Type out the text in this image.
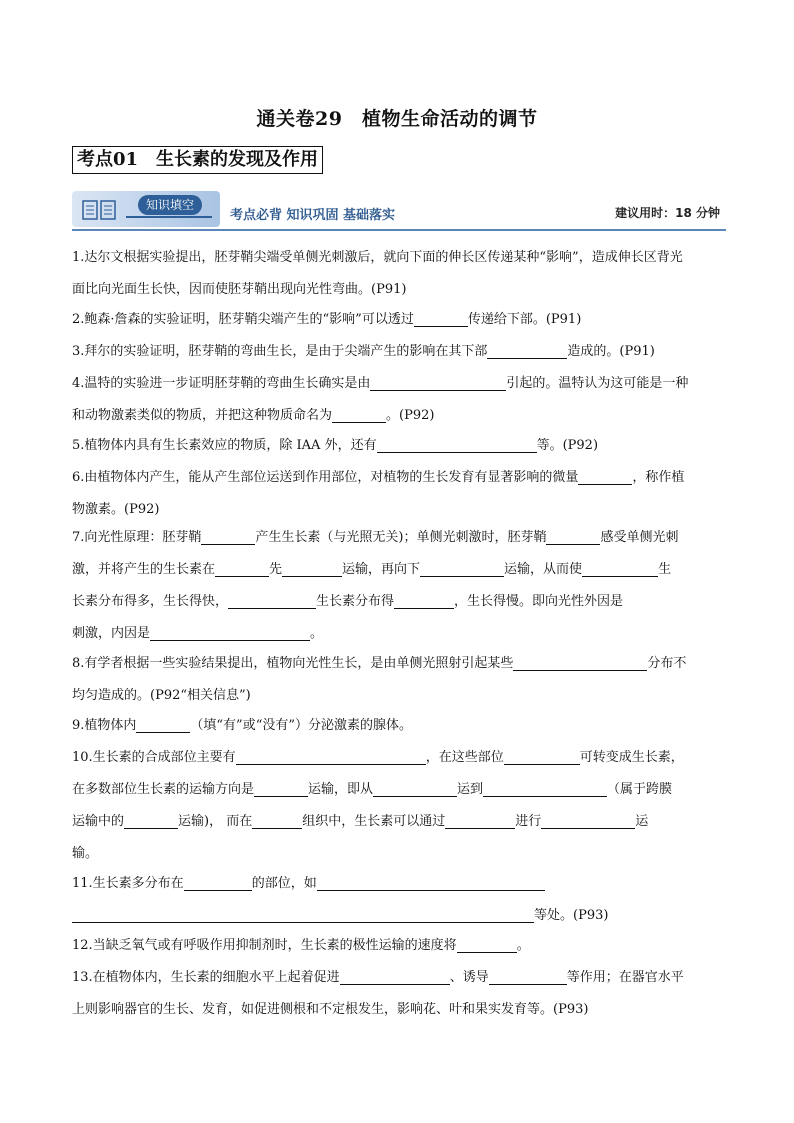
通关卷29　植物生命活动的调节
考点01　生长素的发现及作用
知识填空
考点必背 知识巩固 基础落实	建议用时：18 分钟
1.达尔文根据实验提出，胚芽鞘尖端受单侧光刺激后，就向下面的伸长区传递某种“影响”，造成伸长区背光
面比向光面生长快，因而使胚芽鞘出现向光性弯曲。(P91)
2.鲍森·詹森的实验证明，胚芽鞘尖端产生的“影响”可以透过	传递给下部。(P91)
3.拜尔的实验证明，胚芽鞘的弯曲生长，是由于尖端产生的影响在其下部	造成的。(P91)
4.温特的实验进一步证明胚芽鞘的弯曲生长确实是由	引起的。温特认为这可能是一种
和动物激素类似的物质，并把这种物质命名为	。(P92)
5.植物体内具有生长素效应的物质，除 IAA 外，还有	等。(P92)
6.由植物体内产生，能从产生部位运送到作用部位，对植物的生长发育有显著影响的微量	，称作植
物激素。(P92)
7.向光性原理：胚芽鞘	产生生长素（与光照无关)；单侧光刺激时，胚芽鞘	感受单侧光刺
激，并将产生的生长素在	先	运输，再向下	运输，从而使	生
长素分布得多，生长得快，	生长素分布得	，生长得慢。即向光性外因是
刺激，内因是	。
8.有学者根据一些实验结果提出，植物向光性生长，是由单侧光照射引起某些	分布不
均匀造成的。(P92“相关信息”)
9.植物体内	（填“有”或“没有”）分泌激素的腺体。
10.生长素的合成部位主要有	，在这些部位	可转变成生长素，
在多数部位生长素的运输方向是	运输，即从	运到	（属于跨膜
运输中的	运输)， 而在	组织中，生长素可以通过	进行	运
输。
11.生长素多分布在	的部位，如
等处。(P93)
12.当缺乏氧气或有呼吸作用抑制剂时，生长素的极性运输的速度将	。
13.在植物体内，生长素的细胞水平上起着促进	、诱导	等作用；在器官水平
上则影响器官的生长、发育，如促进侧根和不定根发生，影响花、叶和果实发育等。(P93)
